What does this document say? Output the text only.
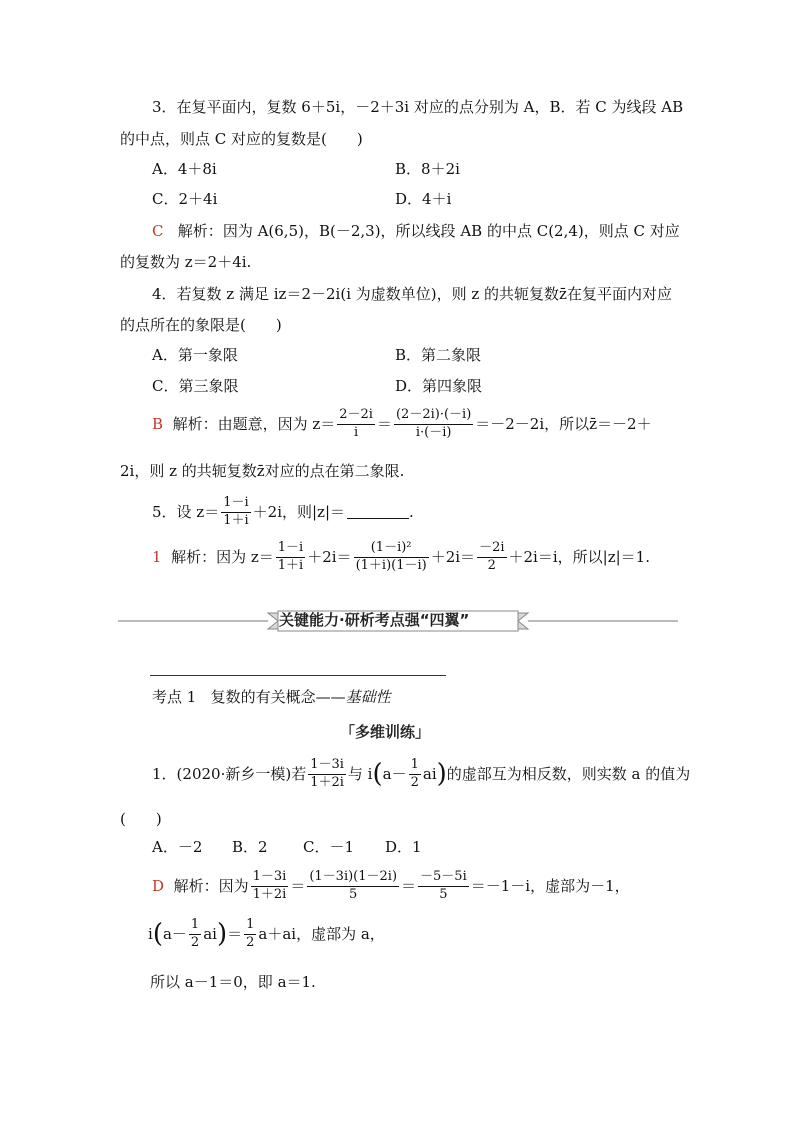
3．在复平面内，复数 6＋5i，－2＋3i 对应的点分别为 A，B．若 C 为线段 AB
的中点，则点 C 对应的复数是(　　)
A．4＋8i	B．8＋2i
C．2＋4i	D．4＋i
C 解析：因为 A(6,5)，B(－2,3)，所以线段 AB 的中点 C(2,4)，则点 C 对应
的复数为 z＝2＋4i.
4．若复数 z 满足 iz＝2－2i(i 为虚数单位)，则 z 的共轭复数z̄在复平面内对应
的点所在的象限是(　　)
A．第一象限	B．第二象限
C．第三象限	D．第四象限
B
解析： 由题意，因为 $z= \frac{2-2i}{i} = \frac{(2-2i)\cdot(-i)}{i\cdot(-i)} =-2-2i$，所以z̄＝－2＋
2i，则 z 的共轭复数z̄对应的点在第二象限.
5．设 $z= \frac{1-i}{1+i} +2i$，则|z|＝	.
1
解析： 因为 $z= \frac{1-i}{1+i} +2i= \frac{\text{(1－i)²}}{(1+i)(1-i)} +2i= \frac{-2i}{2} +2i=i$，所以|z|＝1.
关键能力·研析考点强“四翼”
考点 1 复数的有关概念——基础性
「多维训练」
1．(2020·新乡一模)若 $\frac{1-3i}{1+2i}$ 与 i ( $a- \frac{1}{2}$ ai ) 的虚部互为相反数，则实数 a 的值为
(　　)
A．－2 B．2 C．－1 D．1
D
解析： 因为 $\frac{1-3i}{1+2i} = \frac{(1-3i)(1-2i)}{5} = \frac{-5-5i}{5} =-1-i$，虚部为－1，
i ( $a- \frac{1}{2}$ ai ) ＝ $\frac{1}{2} a+ai$，虚部为 a，
所以 a－1＝0，即 a＝1.
